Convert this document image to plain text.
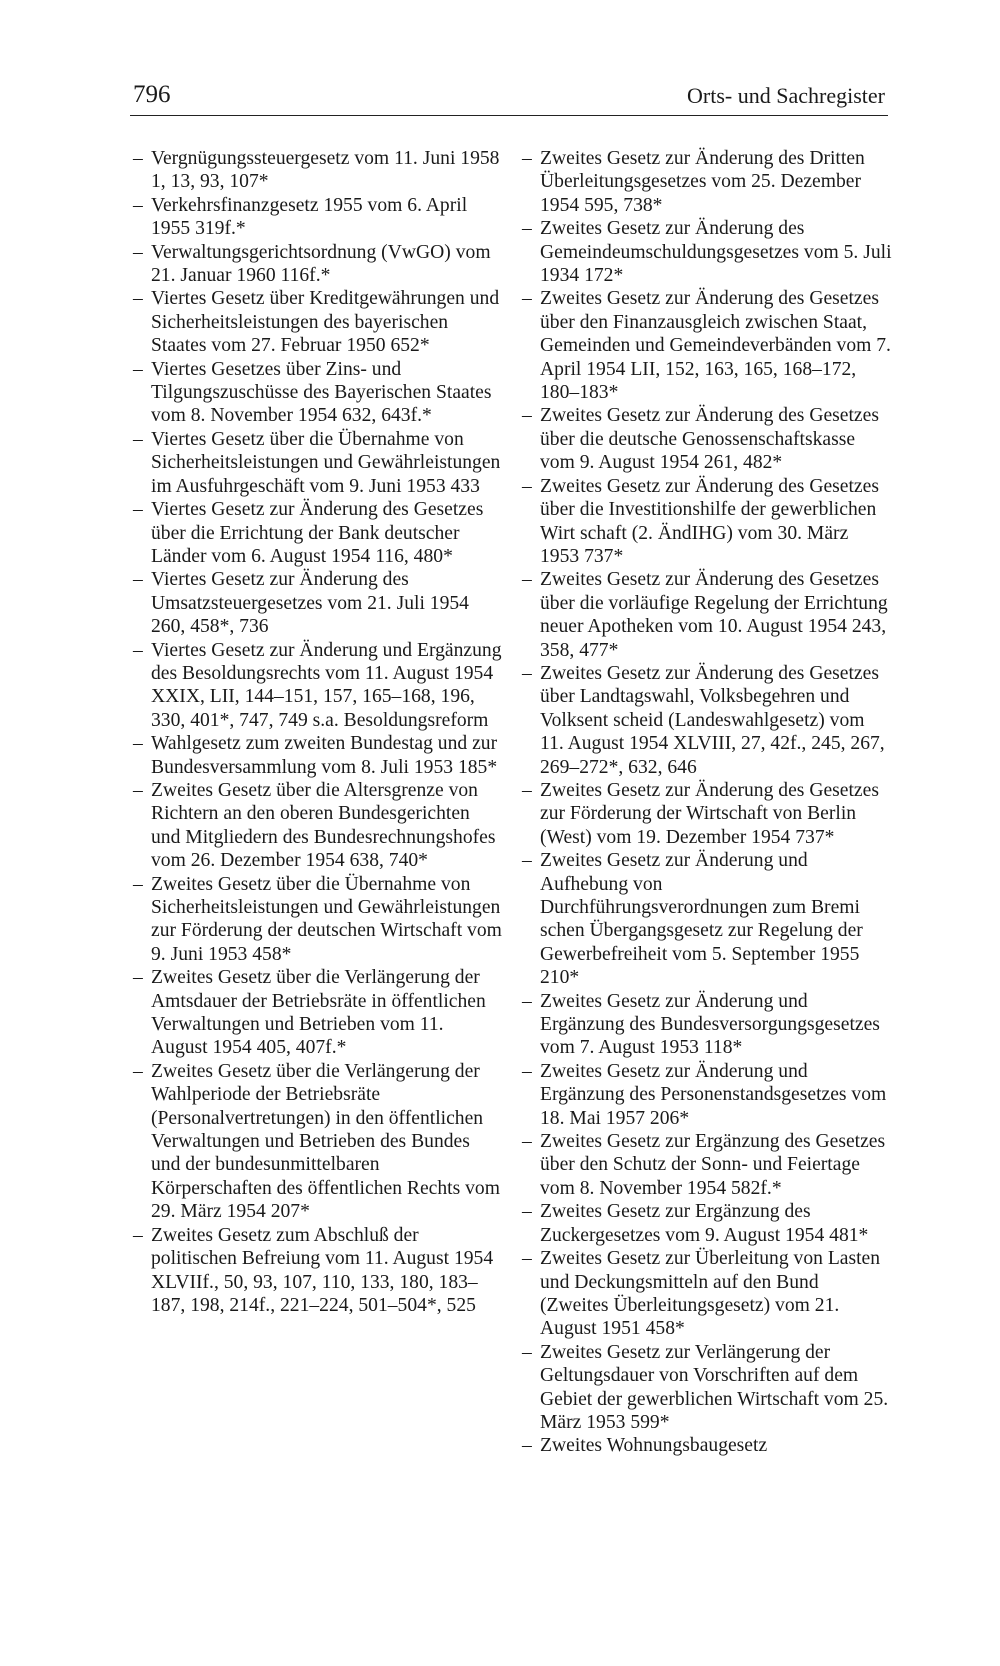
796	Orts- und Sachregister
– Vergnügungssteuergesetz vom 11. Juni 1958 1, 13, 93, 107*
– Verkehrsfinanzgesetz 1955 vom 6. April 1955 319f.*
– Verwaltungsgerichtsordnung (VwGO) vom 21. Januar 1960 116f.*
– Viertes Gesetz über Kreditgewährungen und Sicherheitsleistungen des bayerischen Staates vom 27. Februar 1950 652*
– Viertes Gesetzes über Zins- und Tilgungszuschüsse des Bayerischen Staates vom 8. November 1954 632, 643f.*
– Viertes Gesetz über die Übernahme von Sicherheitsleistungen und Gewährleistungen im Ausfuhrgeschäft vom 9. Juni 1953 433
– Viertes Gesetz zur Änderung des Gesetzes über die Errichtung der Bank deutscher Länder vom 6. August 1954 116, 480*
– Viertes Gesetz zur Änderung des Umsatzsteuergesetzes vom 21. Juli 1954 260, 458*, 736
– Viertes Gesetz zur Änderung und Ergänzung des Besoldungsrechts vom 11. August 1954 XXIX, LII, 144–151, 157, 165–168, 196, 330, 401*, 747, 749 s.a. Besoldungsreform
– Wahlgesetz zum zweiten Bundestag und zur Bundesversammlung vom 8. Juli 1953 185*
– Zweites Gesetz über die Altersgrenze von Richtern an den oberen Bundesgerichten und Mitgliedern des Bundesrechnungshofes vom 26. Dezember 1954 638, 740*
– Zweites Gesetz über die Übernahme von Sicherheitsleistungen und Gewährleistungen zur Förderung der deutschen Wirtschaft vom 9. Juni 1953 458*
– Zweites Gesetz über die Verlängerung der Amtsdauer der Betriebsräte in öffentlichen Verwaltungen und Betrieben vom 11. August 1954 405, 407f.*
– Zweites Gesetz über die Verlängerung der Wahlperiode der Betriebsräte (Personalvertretungen) in den öffentlichen Verwaltungen und Betrieben des Bundes und der bundesunmittelbaren Körperschaften des öffentlichen Rechts vom 29. März 1954 207*
– Zweites Gesetz zum Abschluß der politischen Befreiung vom 11. August 1954 XLVIIf., 50, 93, 107, 110, 133, 180, 183–187, 198, 214f., 221–224, 501–504*, 525
– Zweites Gesetz zur Änderung des Dritten Überleitungsgesetzes vom 25. Dezember 1954 595, 738*
– Zweites Gesetz zur Änderung des Gemeindeumschuldungsgesetzes vom 5. Juli 1934 172*
– Zweites Gesetz zur Änderung des Gesetzes über den Finanzausgleich zwischen Staat, Gemeinden und Gemeindeverbänden vom 7. April 1954 LII, 152, 163, 165, 168–172, 180–183*
– Zweites Gesetz zur Änderung des Gesetzes über die deutsche Genossenschaftskasse vom 9. August 1954 261, 482*
– Zweites Gesetz zur Änderung des Gesetzes über die Investitionshilfe der gewerblichen Wirt schaft (2. ÄndIHG) vom 30. März 1953 737*
– Zweites Gesetz zur Änderung des Gesetzes über die vorläufige Regelung der Errichtung neuer Apotheken vom 10. August 1954 243, 358, 477*
– Zweites Gesetz zur Änderung des Gesetzes über Landtagswahl, Volksbegehren und Volksent scheid (Landeswahlgesetz) vom 11. August 1954 XLVIII, 27, 42f., 245, 267, 269–272*, 632, 646
– Zweites Gesetz zur Änderung des Gesetzes zur Förderung der Wirtschaft von Berlin (West) vom 19. Dezember 1954 737*
– Zweites Gesetz zur Änderung und Aufhebung von Durchführungsverordnungen zum Bremi schen Übergangsgesetz zur Regelung der Gewerbefreiheit vom 5. September 1955 210*
– Zweites Gesetz zur Änderung und Ergänzung des Bundesversorgungsgesetzes vom 7. August 1953 118*
– Zweites Gesetz zur Änderung und Ergänzung des Personenstandsgesetzes vom 18. Mai 1957 206*
– Zweites Gesetz zur Ergänzung des Gesetzes über den Schutz der Sonn- und Feiertage vom 8. November 1954 582f.*
– Zweites Gesetz zur Ergänzung des Zuckergesetzes vom 9. August 1954 481*
– Zweites Gesetz zur Überleitung von Lasten und Deckungsmitteln auf den Bund (Zweites Überleitungsgesetz) vom 21. August 1951 458*
– Zweites Gesetz zur Verlängerung der Geltungsdauer von Vorschriften auf dem Gebiet der gewerblichen Wirtschaft vom 25. März 1953 599*
– Zweites Wohnungsbaugesetz
